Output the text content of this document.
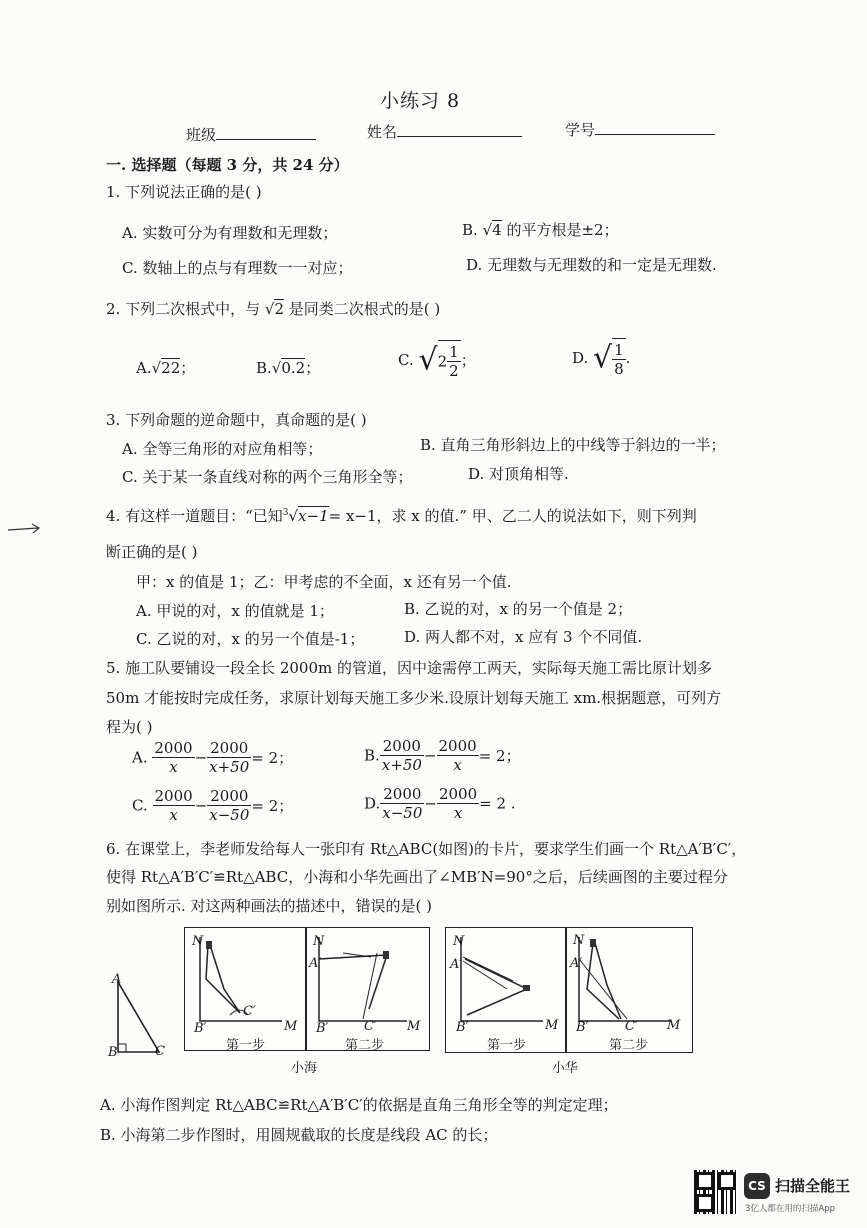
小练习 8
班级	姓名	学号
一. 选择题（每题 3 分，共 24 分）
1. 下列说法正确的是( )
A. 实数可分为有理数和无理数；	B. √4 的平方根是±2；
C. 数轴上的点与有理数一一对应；	D. 无理数与无理数的和一定是无理数.
2. 下列二次根式中，与 √2 是同类二次根式的是( )
A.√22；	B.√0.2；	C. $√2 \frac{1}{2}$ ；	D. √ $\frac{1}{8}$ .
3. 下列命题的逆命题中，真命题的是( )
A. 全等三角形的对应角相等；	B. 直角三角形斜边上的中线等于斜边的一半；
C. 关于某一条直线对称的两个三角形全等；	D. 对顶角相等.
4. 有这样一道题目：“已知$^3$√x−1= x−1，求 x 的值.” 甲、乙二人的说法如下，则下列判
断正确的是( )
甲：x 的值是 1；乙：甲考虑的不全面，x 还有另一个值.
A. 甲说的对，x 的值就是 1；	B. 乙说的对，x 的另一个值是 2；
C. 乙说的对，x 的另一个值是-1；	D. 两人都不对，x 应有 3 个不同值.
5. 施工队要铺设一段全长 2000m 的管道，因中途需停工两天，实际每天施工需比原计划多
50m 才能按时完成任务，求原计划每天施工多少米.设原计划每天施工 xm.根据题意，可列方
程为( )
A. $\frac{2000}{x} - \frac{2000}{x+50} = 2$；	B. $\frac{2000}{x+50} - \frac{2000}{x} = 2$；
C. $\frac{2000}{x} - \frac{2000}{x-50} = 2$；	D. $\frac{2000}{x-50} - \frac{2000}{x} = 2$ .
6. 在课堂上，李老师发给每人一张印有 Rt△ABC(如图)的卡片，要求学生们画一个 Rt△A′B′C′，
使得 Rt△A′B′C′≌Rt△ABC，小海和小华先画出了∠MB′N=90°之后，后续画图的主要过程分
别如图所示. 对这两种画法的描述中，错误的是( )
A
B	C
N
B′
C′
M
第一步
N
A′
B′	C′ M
第二步
小海
N
A′
B′	M
第一步
N
A′
B′	C′ M
第二步
小华
A. 小海作图判定 Rt△ABC≌Rt△A′B′C′的依据是直角三角形全等的判定定理；
B. 小海第二步作图时，用圆规截取的长度是线段 AC 的长；
CS 扫描全能王
3亿人都在用的扫描App
